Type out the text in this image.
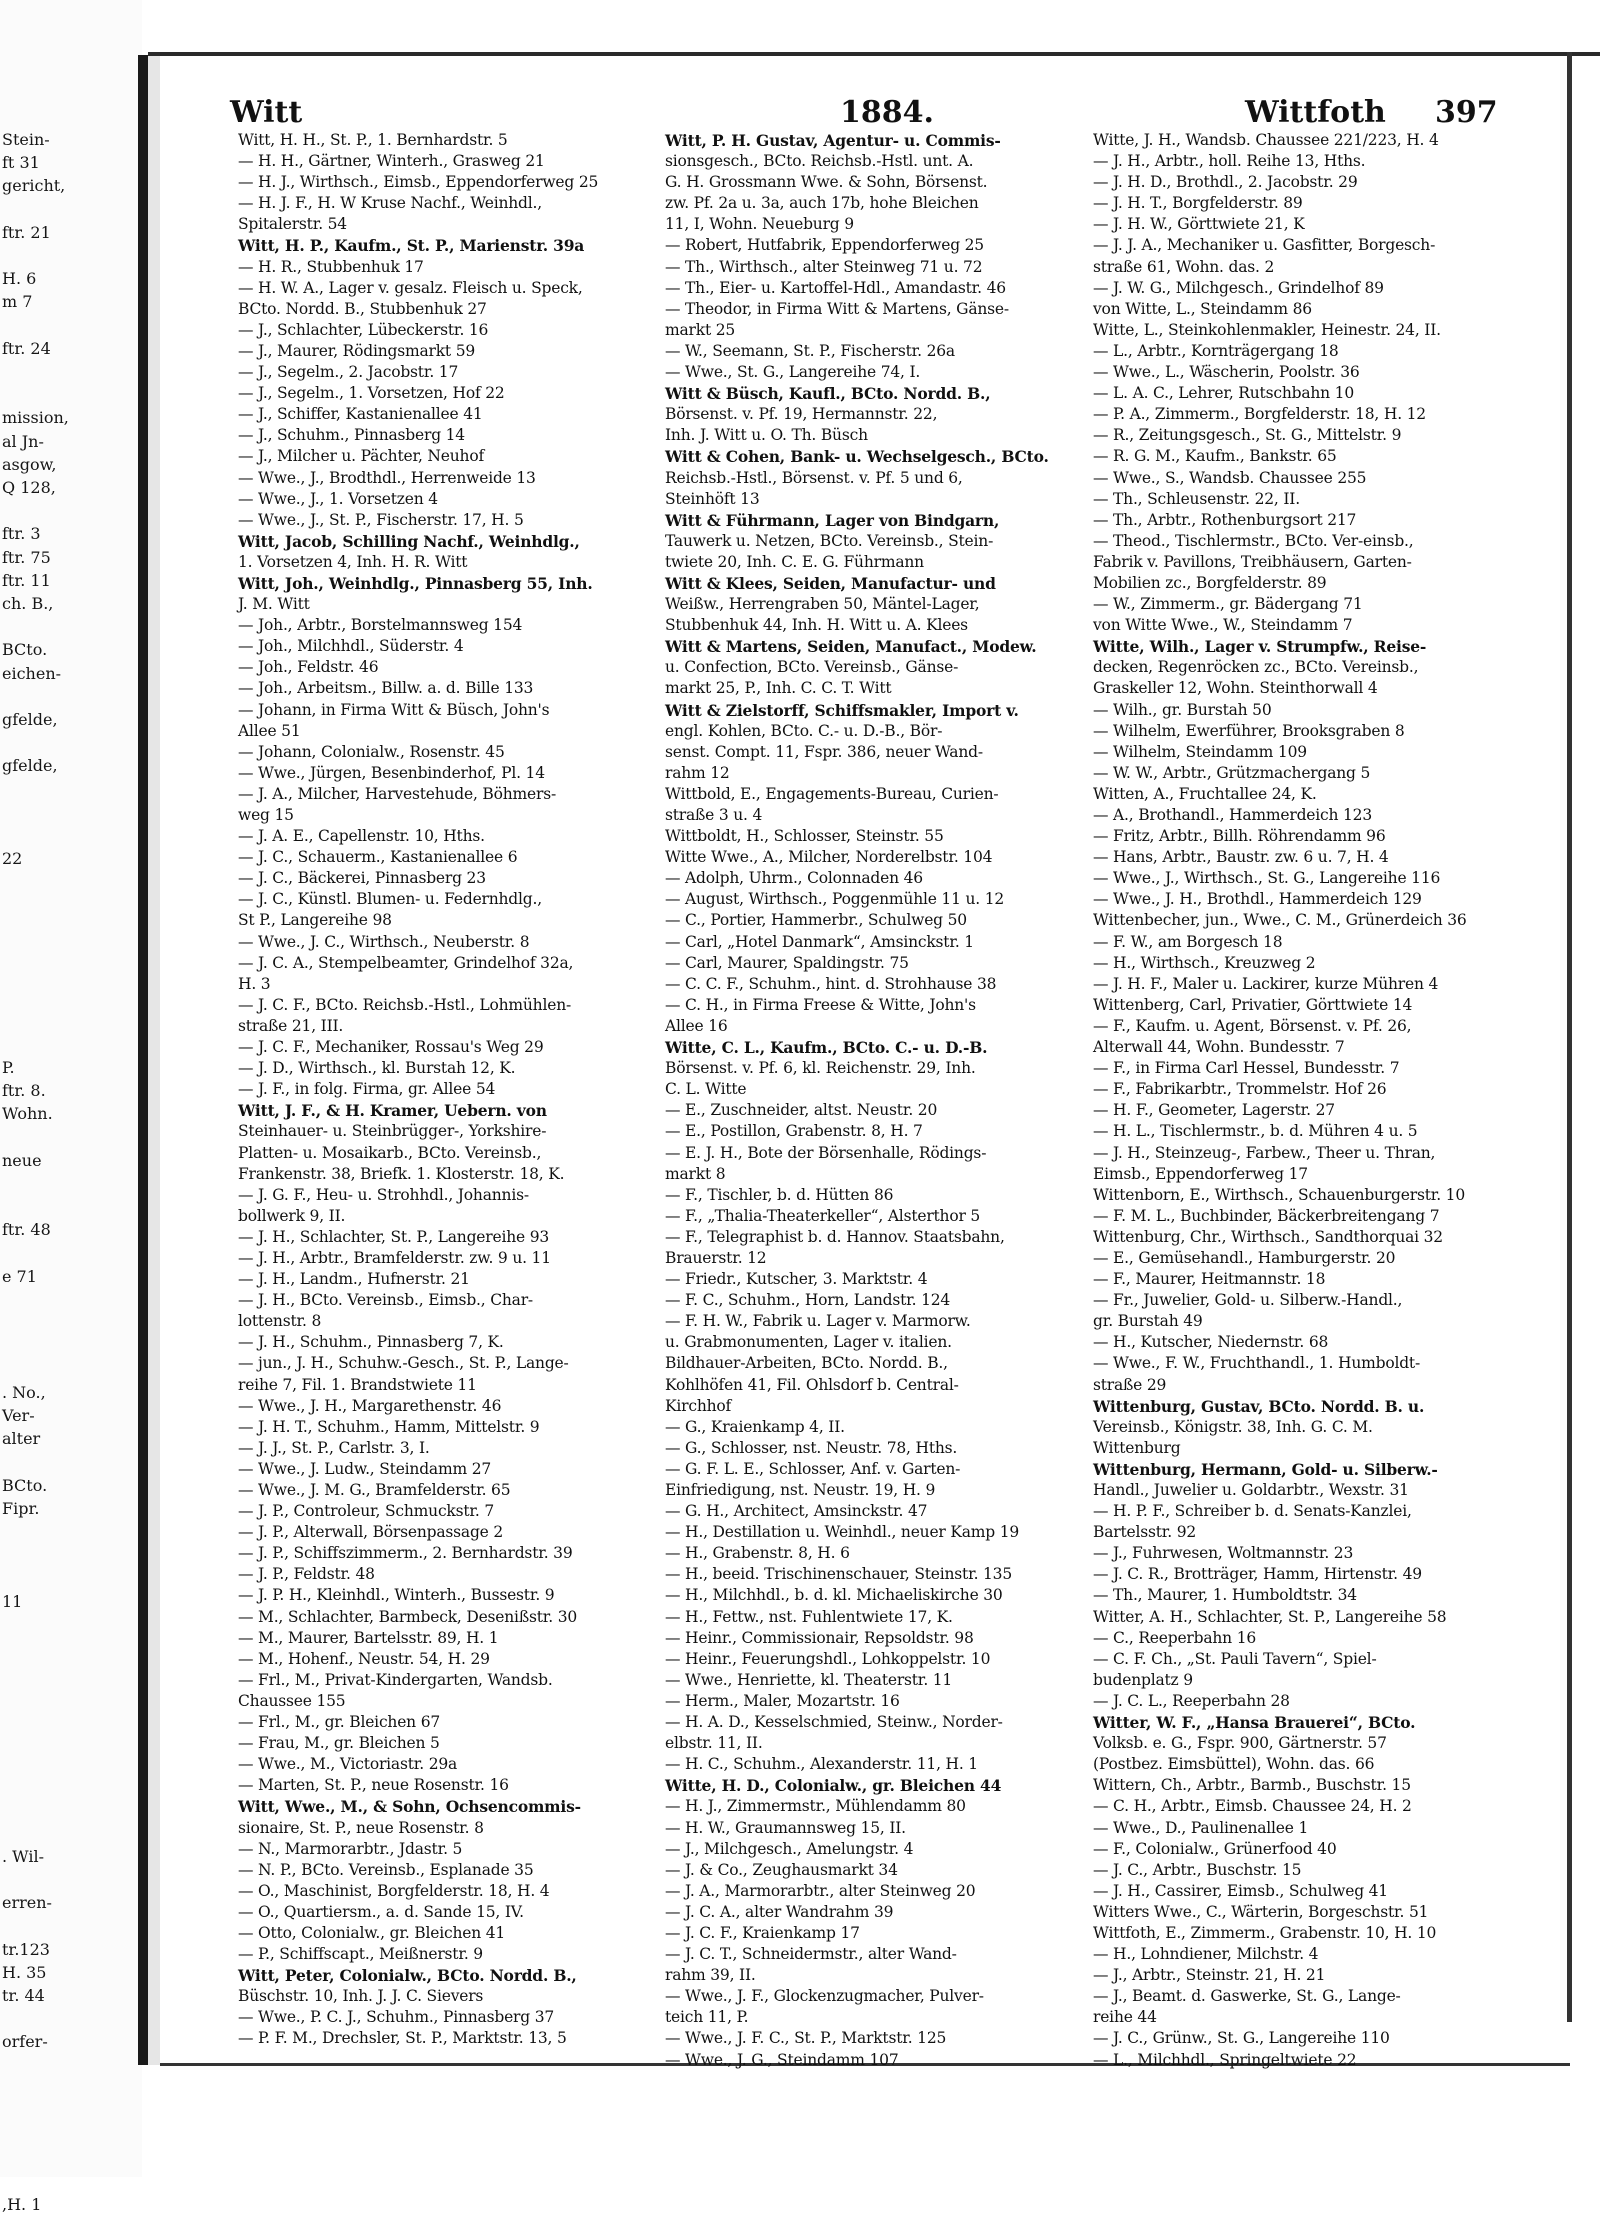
Stein-
ft 31
gericht,
ftr. 21
H. 6
m 7
ftr. 24
mission,
al Jn-
asgow,
Q 128,
ftr. 3
ftr. 75
ftr. 11
ch. B.,
BCto.
eichen-
gfelde,
gfelde,
22
P.
ftr. 8.
Wohn.
neue
ftr. 48
e 71
. No.,
Ver-
alter
BCto.
Fipr.
11
. Wil-
erren-
tr.123
H. 35
tr. 44
orfer-
,H. 1
Witt	1884.	Wittfoth 397
Witt, H. H., St. P., 1. Bernhardstr. 5
— H. H., Gärtner, Winterh., Grasweg 21
— H. J., Wirthsch., Eimsb., Eppendorferweg 25
— H. J. F., H. W Kruse Nachf., Weinhdl.,
Spitalerstr. 54
Witt, H. P., Kaufm., St. P., Marienstr. 39a
— H. R., Stubbenhuk 17
— H. W. A., Lager v. gesalz. Fleisch u. Speck,
BCto. Nordd. B., Stubbenhuk 27
— J., Schlachter, Lübeckerstr. 16
— J., Maurer, Rödingsmarkt 59
— J., Segelm., 2. Jacobstr. 17
— J., Segelm., 1. Vorsetzen, Hof 22
— J., Schiffer, Kastanienallee 41
— J., Schuhm., Pinnasberg 14
— J., Milcher u. Pächter, Neuhof
— Wwe., J., Brodthdl., Herrenweide 13
— Wwe., J., 1. Vorsetzen 4
— Wwe., J., St. P., Fischerstr. 17, H. 5
Witt, Jacob, Schilling Nachf., Weinhdlg.,
1. Vorsetzen 4, Inh. H. R. Witt
Witt, Joh., Weinhdlg., Pinnasberg 55, Inh.
J. M. Witt
— Joh., Arbtr., Borstelmannsweg 154
— Joh., Milchhdl., Süderstr. 4
— Joh., Feldstr. 46
— Joh., Arbeitsm., Billw. a. d. Bille 133
— Johann, in Firma Witt & Büsch, John's
Allee 51
— Johann, Colonialw., Rosenstr. 45
— Wwe., Jürgen, Besenbinderhof, Pl. 14
— J. A., Milcher, Harvestehude, Böhmers-
weg 15
— J. A. E., Capellenstr. 10, Hths.
— J. C., Schauerm., Kastanienallee 6
— J. C., Bäckerei, Pinnasberg 23
— J. C., Künstl. Blumen- u. Federnhdlg.,
St P., Langereihe 98
— Wwe., J. C., Wirthsch., Neuberstr. 8
— J. C. A., Stempelbeamter, Grindelhof 32a,
H. 3
— J. C. F., BCto. Reichsb.-Hstl., Lohmühlen-
straße 21, III.
— J. C. F., Mechaniker, Rossau's Weg 29
— J. D., Wirthsch., kl. Burstah 12, K.
— J. F., in folg. Firma, gr. Allee 54
Witt, J. F., & H. Kramer, Uebern. von
Steinhauer- u. Steinbrügger-, Yorkshire-
Platten- u. Mosaikarb., BCto. Vereinsb.,
Frankenstr. 38, Briefk. 1. Klosterstr. 18, K.
— J. G. F., Heu- u. Strohhdl., Johannis-
bollwerk 9, II.
— J. H., Schlachter, St. P., Langereihe 93
— J. H., Arbtr., Bramfelderstr. zw. 9 u. 11
— J. H., Landm., Hufnerstr. 21
— J. H., BCto. Vereinsb., Eimsb., Char-
lottenstr. 8
— J. H., Schuhm., Pinnasberg 7, K.
— jun., J. H., Schuhw.-Gesch., St. P., Lange-
reihe 7, Fil. 1. Brandstwiete 11
— Wwe., J. H., Margarethenstr. 46
— J. H. T., Schuhm., Hamm, Mittelstr. 9
— J. J., St. P., Carlstr. 3, I.
— Wwe., J. Ludw., Steindamm 27
— Wwe., J. M. G., Bramfelderstr. 65
— J. P., Controleur, Schmuckstr. 7
— J. P., Alterwall, Börsenpassage 2
— J. P., Schiffszimmerm., 2. Bernhardstr. 39
— J. P., Feldstr. 48
— J. P. H., Kleinhdl., Winterh., Bussestr. 9
— M., Schlachter, Barmbeck, Desenißstr. 30
— M., Maurer, Bartelsstr. 89, H. 1
— M., Hohenf., Neustr. 54, H. 29
— Frl., M., Privat-Kindergarten, Wandsb.
Chaussee 155
— Frl., M., gr. Bleichen 67
— Frau, M., gr. Bleichen 5
— Wwe., M., Victoriastr. 29a
— Marten, St. P., neue Rosenstr. 16
Witt, Wwe., M., & Sohn, Ochsencommis-
sionaire, St. P., neue Rosenstr. 8
— N., Marmorarbtr., Jdastr. 5
— N. P., BCto. Vereinsb., Esplanade 35
— O., Maschinist, Borgfelderstr. 18, H. 4
— O., Quartiersm., a. d. Sande 15, IV.
— Otto, Colonialw., gr. Bleichen 41
— P., Schiffscapt., Meißnerstr. 9
Witt, Peter, Colonialw., BCto. Nordd. B.,
Büschstr. 10, Inh. J. J. C. Sievers
— Wwe., P. C. J., Schuhm., Pinnasberg 37
— P. F. M., Drechsler, St. P., Marktstr. 13, 5
Witt, P. H. Gustav, Agentur- u. Commis-
sionsgesch., BCto. Reichsb.-Hstl. unt. A.
G. H. Grossmann Wwe. & Sohn, Börsenst.
zw. Pf. 2a u. 3a, auch 17b, hohe Bleichen
11, I, Wohn. Neueburg 9
— Robert, Hutfabrik, Eppendorferweg 25
— Th., Wirthsch., alter Steinweg 71 u. 72
— Th., Eier- u. Kartoffel-Hdl., Amandastr. 46
— Theodor, in Firma Witt & Martens, Gänse-
markt 25
— W., Seemann, St. P., Fischerstr. 26a
— Wwe., St. G., Langereihe 74, I.
Witt & Büsch, Kaufl., BCto. Nordd. B.,
Börsenst. v. Pf. 19, Hermannstr. 22,
Inh. J. Witt u. O. Th. Büsch
Witt & Cohen, Bank- u. Wechselgesch., BCto.
Reichsb.-Hstl., Börsenst. v. Pf. 5 und 6,
Steinhöft 13
Witt & Führmann, Lager von Bindgarn,
Tauwerk u. Netzen, BCto. Vereinsb., Stein-
twiete 20, Inh. C. E. G. Führmann
Witt & Klees, Seiden, Manufactur- und
Weißw., Herrengraben 50, Mäntel-Lager,
Stubbenhuk 44, Inh. H. Witt u. A. Klees
Witt & Martens, Seiden, Manufact., Modew.
u. Confection, BCto. Vereinsb., Gänse-
markt 25, P., Inh. C. C. T. Witt
Witt & Zielstorff, Schiffsmakler, Import v.
engl. Kohlen, BCto. C.- u. D.-B., Bör-
senst. Compt. 11, Fspr. 386, neuer Wand-
rahm 12
Wittbold, E., Engagements-Bureau, Curien-
straße 3 u. 4
Wittboldt, H., Schlosser, Steinstr. 55
Witte Wwe., A., Milcher, Norderelbstr. 104
— Adolph, Uhrm., Colonnaden 46
— August, Wirthsch., Poggenmühle 11 u. 12
— C., Portier, Hammerbr., Schulweg 50
— Carl, „Hotel Danmark“, Amsinckstr. 1
— Carl, Maurer, Spaldingstr. 75
— C. C. F., Schuhm., hint. d. Strohhause 38
— C. H., in Firma Freese & Witte, John's
Allee 16
Witte, C. L., Kaufm., BCto. C.- u. D.-B.
Börsenst. v. Pf. 6, kl. Reichenstr. 29, Inh.
C. L. Witte
— E., Zuschneider, altst. Neustr. 20
— E., Postillon, Grabenstr. 8, H. 7
— E. J. H., Bote der Börsenhalle, Rödings-
markt 8
— F., Tischler, b. d. Hütten 86
— F., „Thalia-Theaterkeller“, Alsterthor 5
— F., Telegraphist b. d. Hannov. Staatsbahn,
Brauerstr. 12
— Friedr., Kutscher, 3. Marktstr. 4
— F. C., Schuhm., Horn, Landstr. 124
— F. H. W., Fabrik u. Lager v. Marmorw.
u. Grabmonumenten, Lager v. italien.
Bildhauer-Arbeiten, BCto. Nordd. B.,
Kohlhöfen 41, Fil. Ohlsdorf b. Central-
Kirchhof
— G., Kraienkamp 4, II.
— G., Schlosser, nst. Neustr. 78, Hths.
— G. F. L. E., Schlosser, Anf. v. Garten-
Einfriedigung, nst. Neustr. 19, H. 9
— G. H., Architect, Amsinckstr. 47
— H., Destillation u. Weinhdl., neuer Kamp 19
— H., Grabenstr. 8, H. 6
— H., beeid. Trischinenschauer, Steinstr. 135
— H., Milchhdl., b. d. kl. Michaeliskirche 30
— H., Fettw., nst. Fuhlentwiete 17, K.
— Heinr., Commissionair, Repsoldstr. 98
— Heinr., Feuerungshdl., Lohkoppelstr. 10
— Wwe., Henriette, kl. Theaterstr. 11
— Herm., Maler, Mozartstr. 16
— H. A. D., Kesselschmied, Steinw., Norder-
elbstr. 11, II.
— H. C., Schuhm., Alexanderstr. 11, H. 1
Witte, H. D., Colonialw., gr. Bleichen 44
— H. J., Zimmermstr., Mühlendamm 80
— H. W., Graumannsweg 15, II.
— J., Milchgesch., Amelungstr. 4
— J. & Co., Zeughausmarkt 34
— J. A., Marmorarbtr., alter Steinweg 20
— J. C. A., alter Wandrahm 39
— J. C. F., Kraienkamp 17
— J. C. T., Schneidermstr., alter Wand-
rahm 39, II.
— Wwe., J. F., Glockenzugmacher, Pulver-
teich 11, P.
— Wwe., J. F. C., St. P., Marktstr. 125
— Wwe., J. G., Steindamm 107
Witte, J. H., Wandsb. Chaussee 221/223, H. 4
— J. H., Arbtr., holl. Reihe 13, Hths.
— J. H. D., Brothdl., 2. Jacobstr. 29
— J. H. T., Borgfelderstr. 89
— J. H. W., Görttwiete 21, K
— J. J. A., Mechaniker u. Gasfitter, Borgesch-
straße 61, Wohn. das. 2
— J. W. G., Milchgesch., Grindelhof 89
von Witte, L., Steindamm 86
Witte, L., Steinkohlenmakler, Heinestr. 24, II.
— L., Arbtr., Kornträgergang 18
— Wwe., L., Wäscherin, Poolstr. 36
— L. A. C., Lehrer, Rutschbahn 10
— P. A., Zimmerm., Borgfelderstr. 18, H. 12
— R., Zeitungsgesch., St. G., Mittelstr. 9
— R. G. M., Kaufm., Bankstr. 65
— Wwe., S., Wandsb. Chaussee 255
— Th., Schleusenstr. 22, II.
— Th., Arbtr., Rothenburgsort 217
— Theod., Tischlermstr., BCto. Ver-einsb.,
Fabrik v. Pavillons, Treibhäusern, Garten-
Mobilien zc., Borgfelderstr. 89
— W., Zimmerm., gr. Bädergang 71
von Witte Wwe., W., Steindamm 7
Witte, Wilh., Lager v. Strumpfw., Reise-
decken, Regenröcken zc., BCto. Vereinsb.,
Graskeller 12, Wohn. Steinthorwall 4
— Wilh., gr. Burstah 50
— Wilhelm, Ewerführer, Brooksgraben 8
— Wilhelm, Steindamm 109
— W. W., Arbtr., Grützmachergang 5
Witten, A., Fruchtallee 24, K.
— A., Brothandl., Hammerdeich 123
— Fritz, Arbtr., Billh. Röhrendamm 96
— Hans, Arbtr., Baustr. zw. 6 u. 7, H. 4
— Wwe., J., Wirthsch., St. G., Langereihe 116
— Wwe., J. H., Brothdl., Hammerdeich 129
Wittenbecher, jun., Wwe., C. M., Grünerdeich 36
— F. W., am Borgesch 18
— H., Wirthsch., Kreuzweg 2
— J. H. F., Maler u. Lackirer, kurze Mühren 4
Wittenberg, Carl, Privatier, Görttwiete 14
— F., Kaufm. u. Agent, Börsenst. v. Pf. 26,
Alterwall 44, Wohn. Bundesstr. 7
— F., in Firma Carl Hessel, Bundesstr. 7
— F., Fabrikarbtr., Trommelstr. Hof 26
— H. F., Geometer, Lagerstr. 27
— H. L., Tischlermstr., b. d. Mühren 4 u. 5
— J. H., Steinzeug-, Farbew., Theer u. Thran,
Eimsb., Eppendorferweg 17
Wittenborn, E., Wirthsch., Schauenburgerstr. 10
— F. M. L., Buchbinder, Bäckerbreitengang 7
Wittenburg, Chr., Wirthsch., Sandthorquai 32
— E., Gemüsehandl., Hamburgerstr. 20
— F., Maurer, Heitmannstr. 18
— Fr., Juwelier, Gold- u. Silberw.-Handl.,
gr. Burstah 49
— H., Kutscher, Niedernstr. 68
— Wwe., F. W., Fruchthandl., 1. Humboldt-
straße 29
Wittenburg, Gustav, BCto. Nordd. B. u.
Vereinsb., Königstr. 38, Inh. G. C. M.
Wittenburg
Wittenburg, Hermann, Gold- u. Silberw.-
Handl., Juwelier u. Goldarbtr., Wexstr. 31
— H. P. F., Schreiber b. d. Senats-Kanzlei,
Bartelsstr. 92
— J., Fuhrwesen, Woltmannstr. 23
— J. C. R., Brotträger, Hamm, Hirtenstr. 49
— Th., Maurer, 1. Humboldtstr. 34
Witter, A. H., Schlachter, St. P., Langereihe 58
— C., Reeperbahn 16
— C. F. Ch., „St. Pauli Tavern“, Spiel-
budenplatz 9
— J. C. L., Reeperbahn 28
Witter, W. F., „Hansa Brauerei“, BCto.
Volksb. e. G., Fspr. 900, Gärtnerstr. 57
(Postbez. Eimsbüttel), Wohn. das. 66
Wittern, Ch., Arbtr., Barmb., Buschstr. 15
— C. H., Arbtr., Eimsb. Chaussee 24, H. 2
— Wwe., D., Paulinenallee 1
— F., Colonialw., Grünerfood 40
— J. C., Arbtr., Buschstr. 15
— J. H., Cassirer, Eimsb., Schulweg 41
Witters Wwe., C., Wärterin, Borgeschstr. 51
Wittfoth, E., Zimmerm., Grabenstr. 10, H. 10
— H., Lohndiener, Milchstr. 4
— J., Arbtr., Steinstr. 21, H. 21
— J., Beamt. d. Gaswerke, St. G., Lange-
reihe 44
— J. C., Grünw., St. G., Langereihe 110
— L., Milchhdl., Springeltwiete 22
